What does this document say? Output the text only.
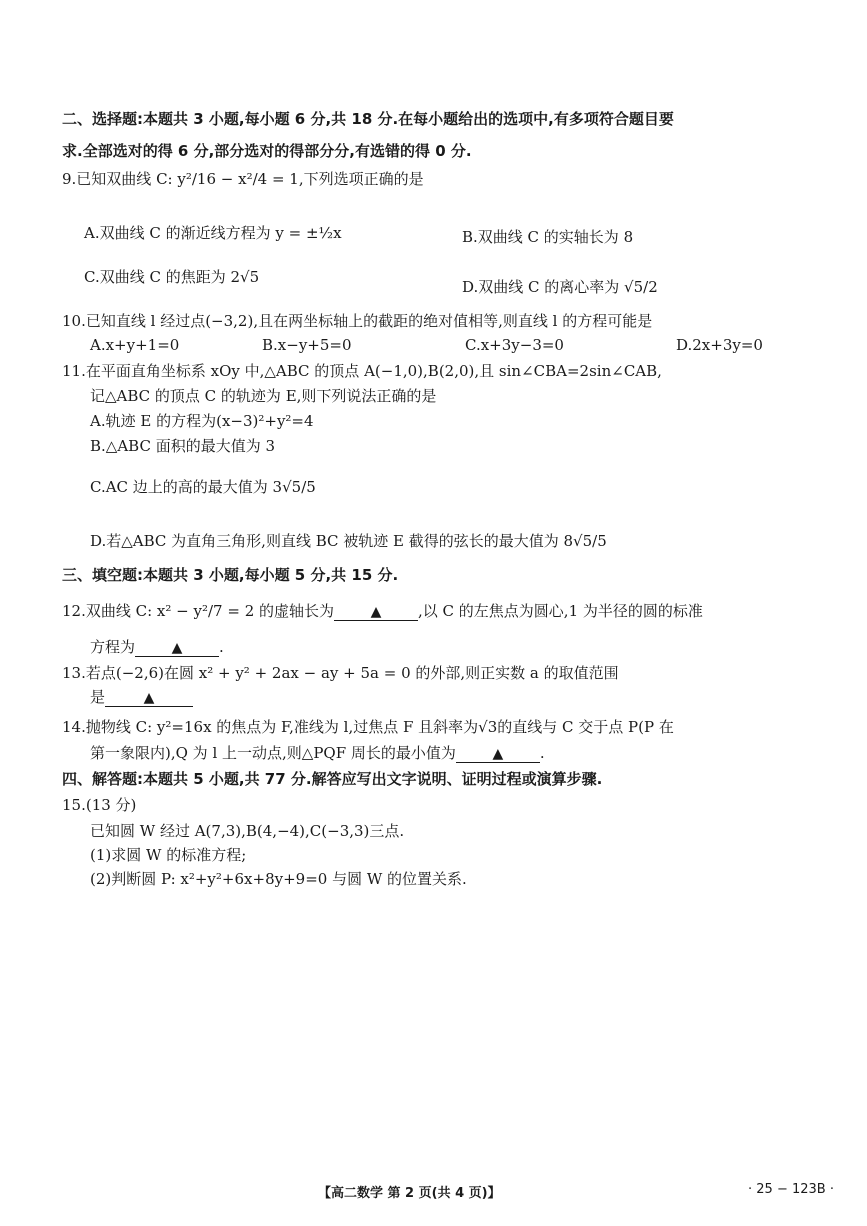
二、选择题:本题共 3 小题,每小题 6 分,共 18 分.在每小题给出的选项中,有多项符合题目要
求.全部选对的得 6 分,部分选对的得部分分,有选错的得 0 分.
9.已知双曲线 C: y²/16 − x²/4 = 1,下列选项正确的是
A.双曲线 C 的渐近线方程为 y = ±½x	B.双曲线 C 的实轴长为 8
C.双曲线 C 的焦距为 2√5
D.双曲线 C 的离心率为 √5/2
10.已知直线 l 经过点(−3,2),且在两坐标轴上的截距的绝对值相等,则直线 l 的方程可能是
A.x+y+1=0	B.x−y+5=0	C.x+3y−3=0	D.2x+3y=0
11.在平面直角坐标系 xOy 中,△ABC 的顶点 A(−1,0),B(2,0),且 sin∠CBA=2sin∠CAB,
记△ABC 的顶点 C 的轨迹为 E,则下列说法正确的是
A.轨迹 E 的方程为(x−3)²+y²=4
B.△ABC 面积的最大值为 3
C.AC 边上的高的最大值为 3√5/5
D.若△ABC 为直角三角形,则直线 BC 被轨迹 E 截得的弦长的最大值为 8√5/5
三、填空题:本题共 3 小题,每小题 5 分,共 15 分.
12.双曲线 C: x² − y²/7 = 2 的虚轴长为	▲ ,以 C 的左焦点为圆心,1 为半径的圆的标准
方程为	▲ .
13.若点(−2,6)在圆 x² + y² + 2ax − ay + 5a = 0 的外部,则正实数 a 的取值范围
是	▲
14.抛物线 C: y²=16x 的焦点为 F,准线为 l,过焦点 F 且斜率为√3的直线与 C 交于点 P(P 在
第一象限内),Q 为 l 上一动点,则△PQF 周长的最小值为	▲ .
四、解答题:本题共 5 小题,共 77 分.解答应写出文字说明、证明过程或演算步骤.
15.(13 分)
已知圆 W 经过 A(7,3),B(4,−4),C(−3,3)三点.
(1)求圆 W 的标准方程;
(2)判断圆 P: x²+y²+6x+8y+9=0 与圆 W 的位置关系.
【高二数学 第 2 页(共 4 页)】	· 25 − 123B ·
